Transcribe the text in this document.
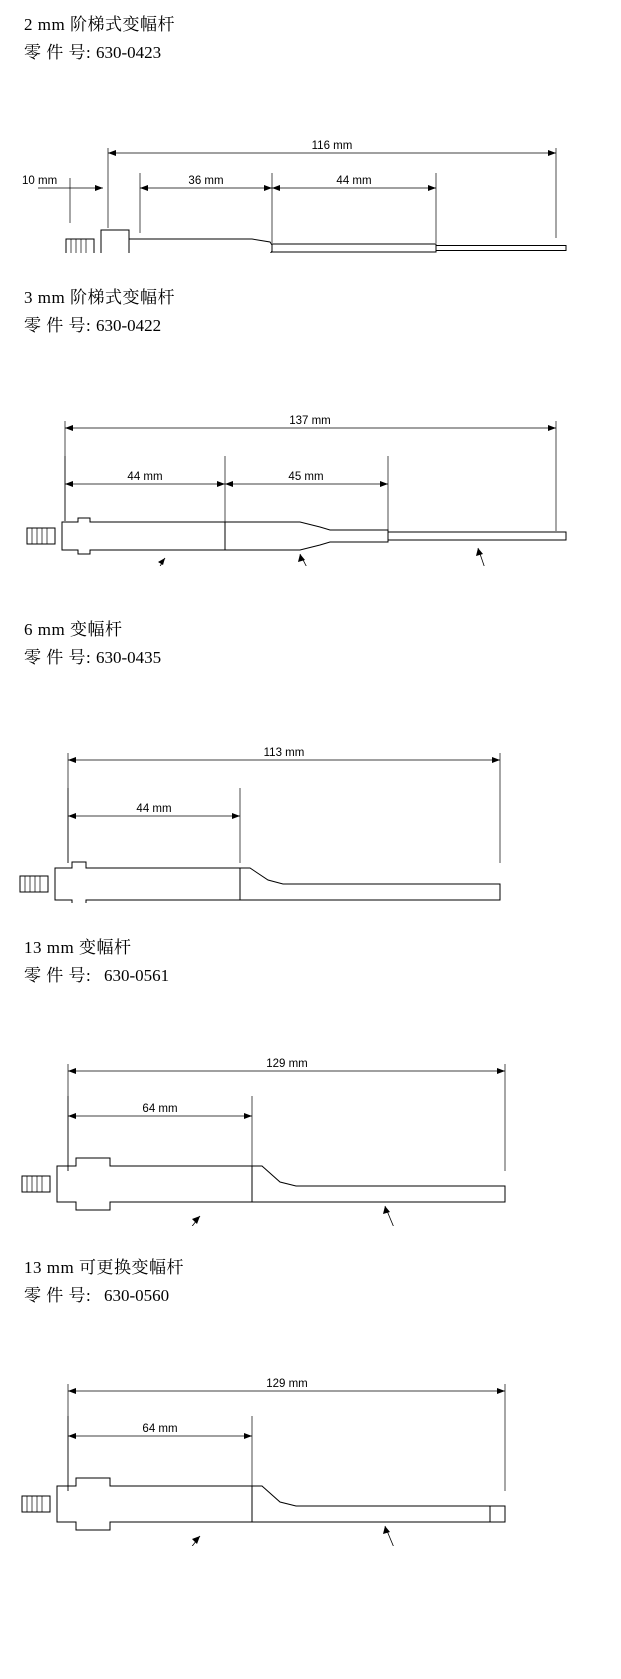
2 mm 阶梯式变幅杆
零 件 号: 630-0423
116 mm
36 mm	44 mm
10 mm
3 mm 阶梯式变幅杆
零 件 号: 630-0422
137 mm
44 mm	45 mm
6 mm 变幅杆
零 件 号: 630-0435
113 mm
44 mm
13 mm 变幅杆
零 件 号: 630-0561
129 mm
64 mm
13 mm 可更换变幅杆
零 件 号: 630-0560
129 mm
64 mm
